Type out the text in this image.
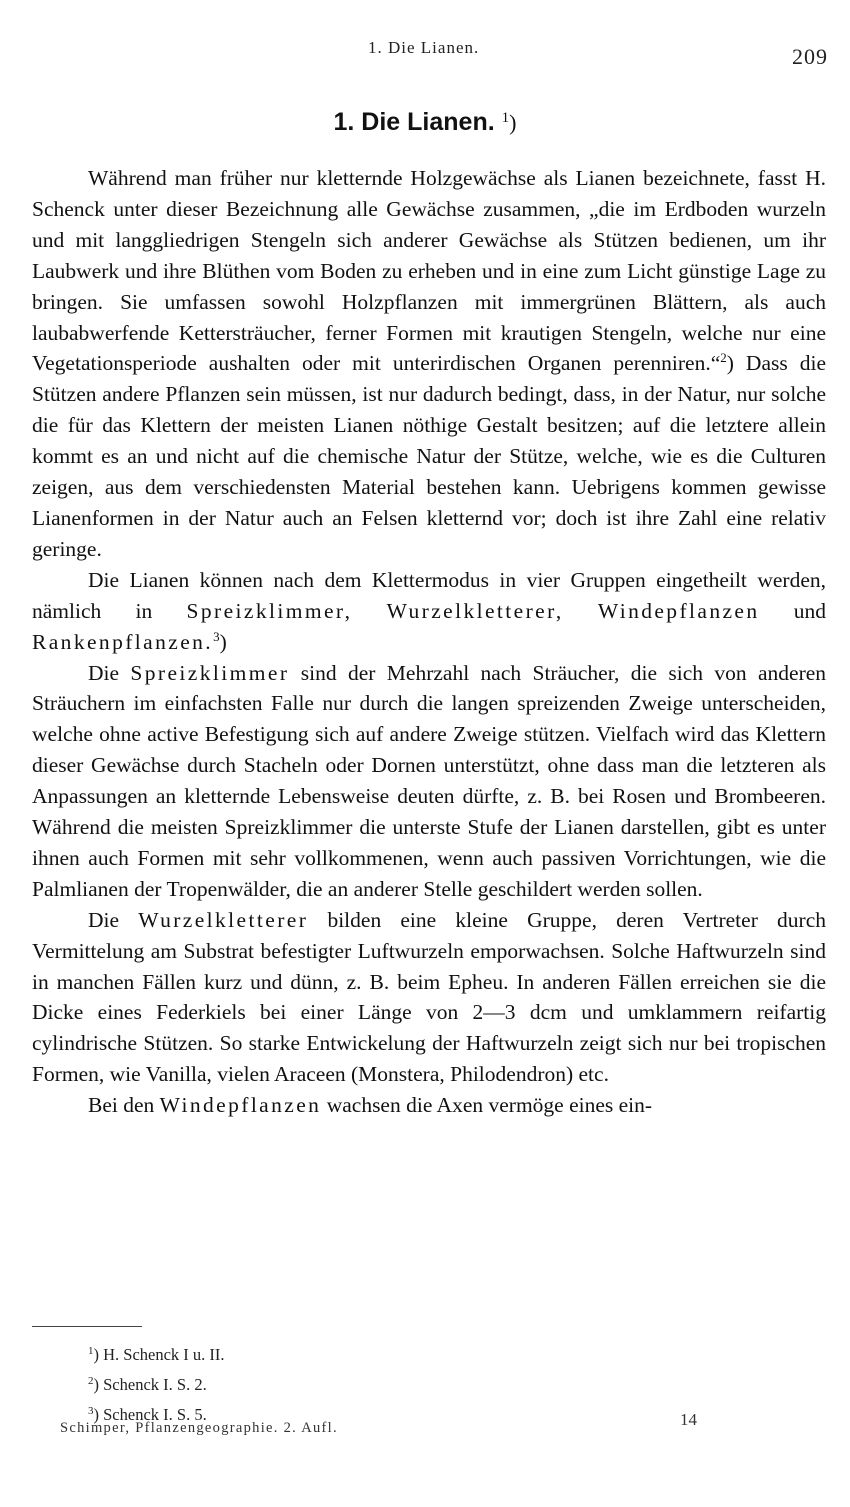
1. Die Lianen.	209
1. Die Lianen. $^1$)

Während man früher nur kletternde Holzgewächse als Lianen bezeichnete, fasst H. Schenck unter dieser Bezeichnung alle Gewächse zusammen, „die im Erdboden wurzeln und mit langgliedrigen Stengeln sich anderer Gewächse als Stützen bedienen, um ihr Laubwerk und ihre Blüthen vom Boden zu erheben und in eine zum Licht günstige Lage zu bringen. Sie umfassen sowohl Holzpflanzen mit immergrünen Blättern, als auch laubabwerfende Kettersträucher, ferner Formen mit krautigen Stengeln, welche nur eine Vegetationsperiode aushalten oder mit unterirdischen Organen perenniren.“$^2$) Dass die Stützen andere Pflanzen sein müssen, ist nur dadurch bedingt, dass, in der Natur, nur solche die für das Klettern der meisten Lianen nöthige Gestalt besitzen; auf die letztere allein kommt es an und nicht auf die chemische Natur der Stütze, welche, wie es die Culturen zeigen, aus dem verschiedensten Material bestehen kann. Uebrigens kommen gewisse Lianenformen in der Natur auch an Felsen kletternd vor; doch ist ihre Zahl eine relativ geringe.

Die Lianen können nach dem Klettermodus in vier Gruppen eingetheilt werden, nämlich in Spreizklimmer, Wurzelkletterer, Windepflanzen und Rankenpflanzen.$^3$)

Die Spreizklimmer sind der Mehrzahl nach Sträucher, die sich von anderen Sträuchern im einfachsten Falle nur durch die langen spreizenden Zweige unterscheiden, welche ohne active Befestigung sich auf andere Zweige stützen. Vielfach wird das Klettern dieser Gewächse durch Stacheln oder Dornen unterstützt, ohne dass man die letzteren als Anpassungen an kletternde Lebensweise deuten dürfte, z. B. bei Rosen und Brombeeren. Während die meisten Spreizklimmer die unterste Stufe der Lianen darstellen, gibt es unter ihnen auch Formen mit sehr vollkommenen, wenn auch passiven Vorrichtungen, wie die Palmlianen der Tropenwälder, die an anderer Stelle geschildert werden sollen.

Die Wurzelkletterer bilden eine kleine Gruppe, deren Vertreter durch Vermittelung am Substrat befestigter Luftwurzeln emporwachsen. Solche Haftwurzeln sind in manchen Fällen kurz und dünn, z. B. beim Epheu. In anderen Fällen erreichen sie die Dicke eines Federkiels bei einer Länge von 2—3 dcm und umklammern reifartig cylindrische Stützen. So starke Entwickelung der Haftwurzeln zeigt sich nur bei tropischen Formen, wie Vanilla, vielen Araceen (Monstera, Philodendron) etc.

Bei den Windepflanzen wachsen die Axen vermöge eines ein-

$^1$) H. Schenck I u. II.
$^2$) Schenck I. S. 2.
$^3$) Schenck I. S. 5.
Schimper, Pflanzengeographie. 2. Aufl.	14
